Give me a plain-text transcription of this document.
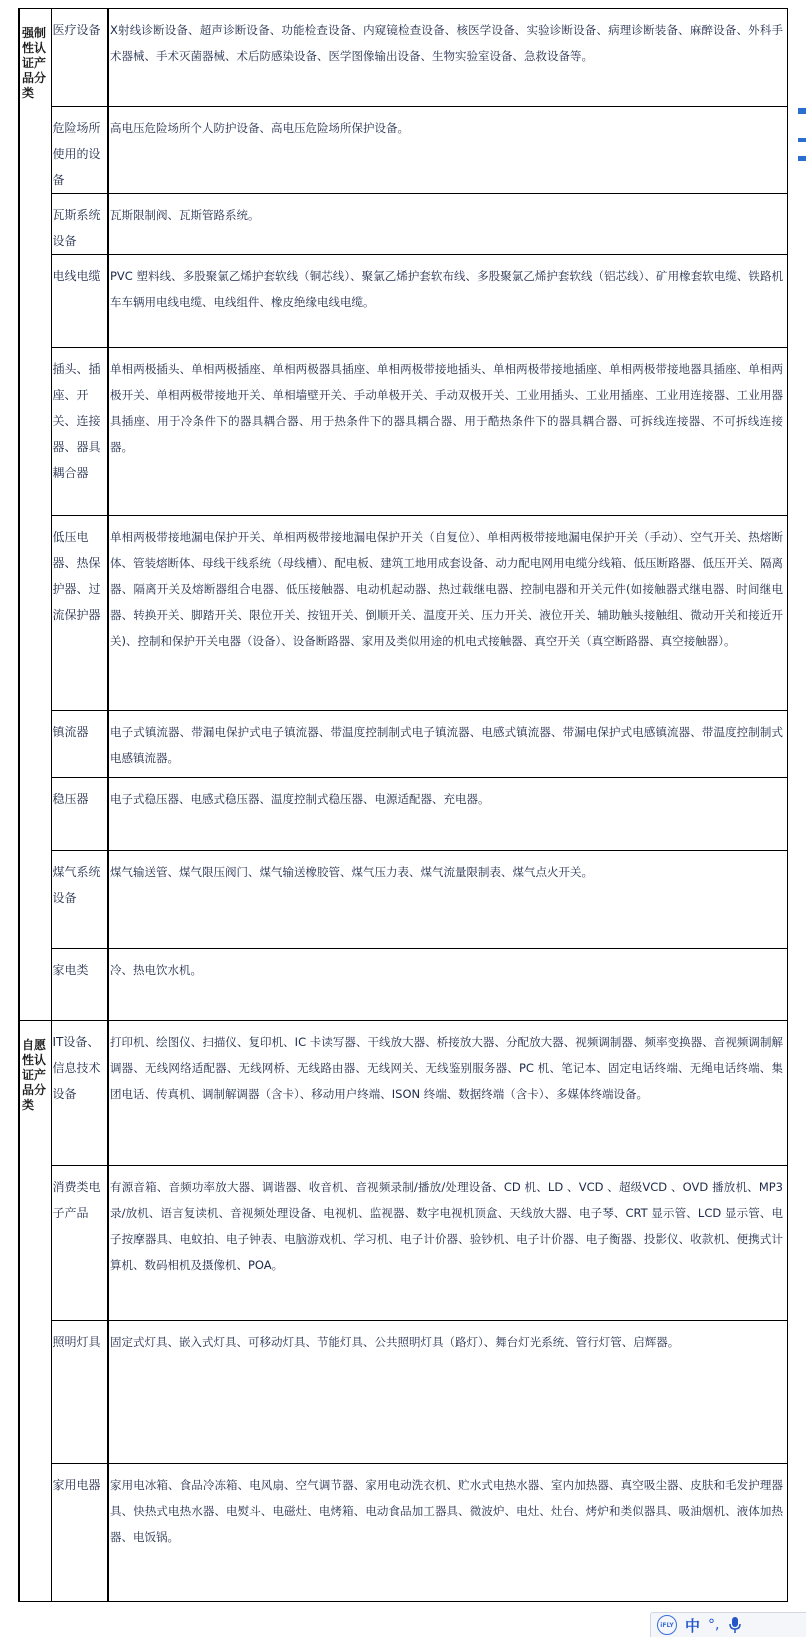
强制性认证产品分类	医疗设备	X射线诊断设备、超声诊断设备、功能检查设备、内窥镜检查设备、核医学设备、实验诊断设备、病理诊断装备、麻醉设备、外科手术器械、手术灭菌器械、术后防感染设备、医学图像输出设备、生物实验室设备、急救设备等。
	危险场所使用的设备	高电压危险场所个人防护设备、高电压危险场所保护设备。
	瓦斯系统设备	瓦斯限制阀、瓦斯管路系统。
	电线电缆	PVC 塑料线、多股聚氯乙烯护套软线（铜芯线）、聚氯乙烯护套软布线、多股聚氯乙烯护套软线（铝芯线）、矿用橡套软电缆、铁路机车车辆用电线电缆、电线组件、橡皮绝缘电线电缆。
	插头、插座、开关、连接器、器具耦合器	单相两极插头、单相两极插座、单相两极器具插座、单相两极带接地插头、单相两极带接地插座、单相两极带接地器具插座、单相两极开关、单相两极带接地开关、单相墙壁开关、手动单极开关、手动双极开关、工业用插头、工业用插座、工业用连接器、工业用器具插座、用于冷条件下的器具耦合器、用于热条件下的器具耦合器、用于酷热条件下的器具耦合器、可拆线连接器、不可拆线连接器。
	低压电器、热保护器、过流保护器	单相两极带接地漏电保护开关、单相两极带接地漏电保护开关（自复位）、单相两极带接地漏电保护开关（手动）、空气开关、热熔断体、管装熔断体、母线干线系统（母线槽）、配电板、建筑工地用成套设备、动力配电网用电缆分线箱、低压断路器、低压开关、隔离器、隔离开关及熔断器组合电器、低压接触器、电动机起动器、热过载继电器、控制电器和开关元件(如接触器式继电器、时间继电器、转换开关、脚踏开关、限位开关、按钮开关、倒顺开关、温度开关、压力开关、液位开关、辅助触头接触组、微动开关和接近开关)、控制和保护开关电器（设备）、设备断路器、家用及类似用途的机电式接触器、真空开关（真空断路器、真空接触器）。
	镇流器	电子式镇流器、带漏电保护式电子镇流器、带温度控制制式电子镇流器、电感式镇流器、带漏电保护式电感镇流器、带温度控制制式电感镇流器。
	稳压器	电子式稳压器、电感式稳压器、温度控制式稳压器、电源适配器、充电器。
	煤气系统设备	煤气输送管、煤气限压阀门、煤气输送橡胶管、煤气压力表、煤气流量限制表、煤气点火开关。
	家电类	冷、热电饮水机。
自愿性认证产品分类	IT设备、信息技术设备	打印机、绘图仪、扫描仪、复印机、IC 卡读写器、干线放大器、桥接放大器、分配放大器、视频调制器、频率变换器、音视频调制解调器、无线网络适配器、无线网桥、无线路由器、无线网关、无线鉴别服务器、PC 机、笔记本、固定电话终端、无绳电话终端、集团电话、传真机、调制解调器（含卡）、移动用户终端、ISON 终端、数据终端（含卡）、多媒体终端设备。
	消费类电子产品	有源音箱、音频功率放大器、调谐器、收音机、音视频录制/播放/处理设备、CD 机、LD 、VCD 、超级VCD 、OVD 播放机、MP3 录/放机、语言复读机、音视频处理设备、电视机、监视器、数字电视机顶盒、天线放大器、电子琴、CRT 显示管、LCD 显示管、电子按摩器具、电蚊拍、电子钟表、电脑游戏机、学习机、电子计价器、验钞机、电子计价器、电子衡器、投影仪、收款机、便携式计算机、数码相机及摄像机、POA。
	照明灯具	固定式灯具、嵌入式灯具、可移动灯具、节能灯具、公共照明灯具（路灯）、舞台灯光系统、管行灯管、启辉器。
	家用电器	家用电冰箱、食品冷冻箱、电风扇、空气调节器、家用电动洗衣机、贮水式电热水器、室内加热器、真空吸尘器、皮肤和毛发护理器具、快热式电热水器、电熨斗、电磁灶、电烤箱、电动食品加工器具、微波炉、电灶、灶台、烤炉和类似器具、吸油烟机、液体加热器、电饭锅。
iFLY 中 °,
